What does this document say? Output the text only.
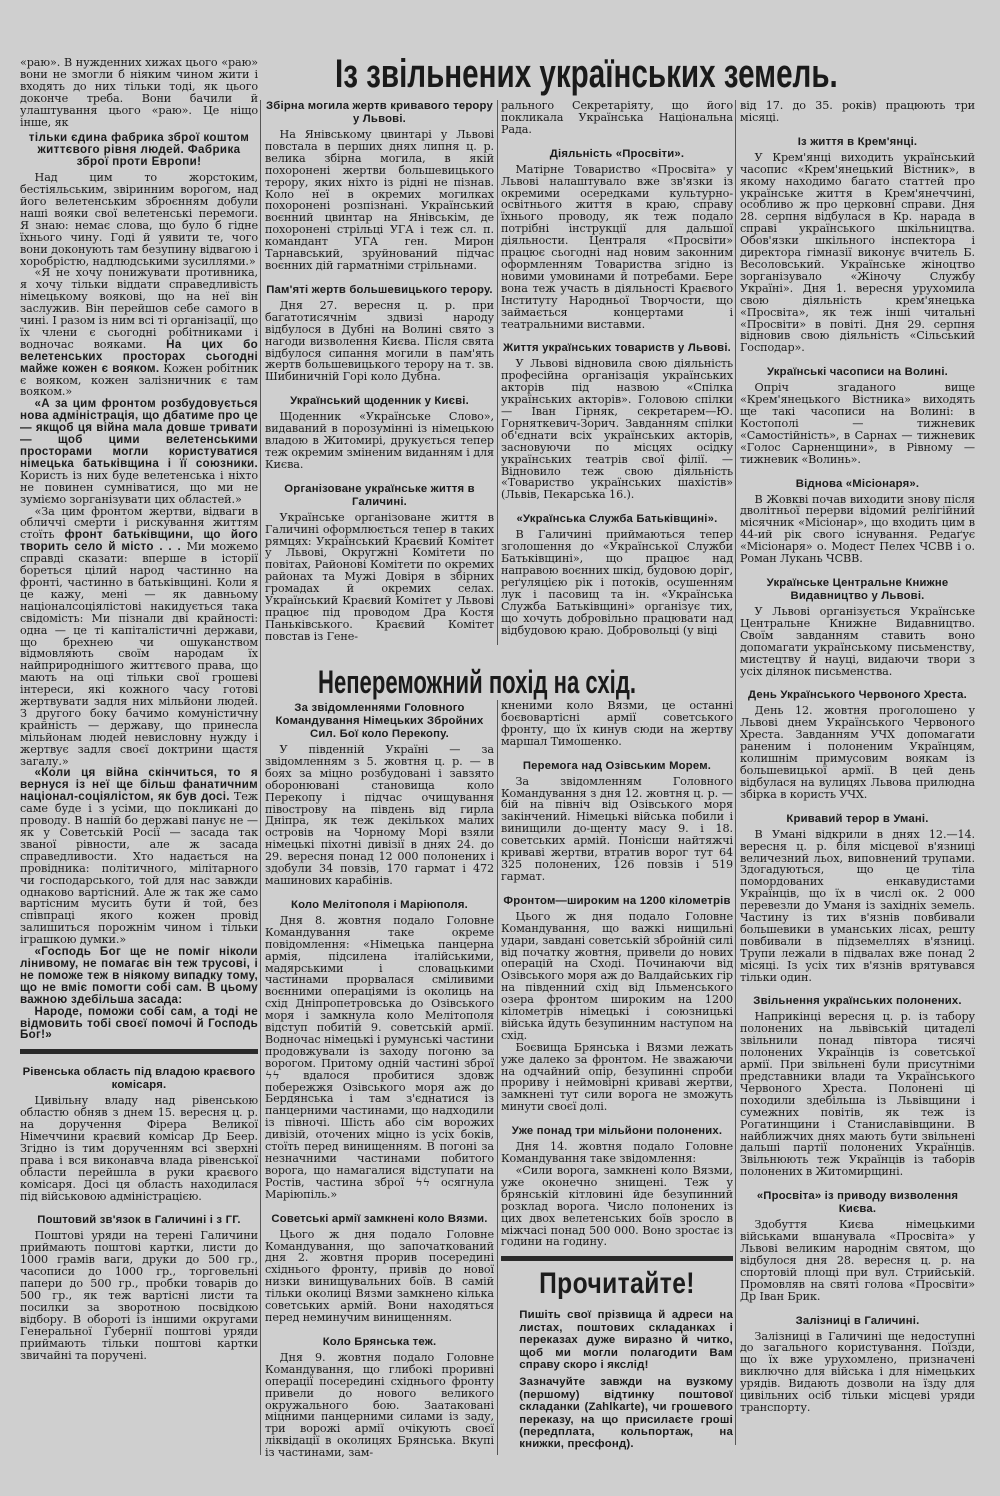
Із звільнених українських земель.
Непереможний похід на схід.

«раю». В нужденних хижах цього «раю» вони не змогли б ніяким чином жити і входять до них тільки тоді, як цього доконче треба. Вони бачили й улаштування цього «раю». Це ніщо інше, як

тільки єдина фабрика зброї коштом життєвого рівня людей. Фабрика зброї проти Европи!

Над цим то жорстоким, бестіяльським, звіринним ворогом, над його велетенським зброєнням добули наші вояки свої велетенські перемоги. Я знаю: немає слова, що було б гідне їхнього чину. Годі й уявити те, чого вони доконують там безупину відвагою і хоробрістю, надлюдськими зусиллями.»

«Я не хочу понижувати противника, я хочу тільки віддати справедливість німецькому воякові, що на неї він заслужив. Він перейшов себе самого в чині. І разом із ним всі ті організації, що їх члени є сьогодні робітниками і водночас вояками. На цих бо велетенських просторах сьогодні майже кожен є вояком. Кожен робітник є вояком, кожен залізничник є там вояком.»

«А за цим фронтом розбудовується нова адміністрація, що дбатиме про це — якщоб ця війна мала довше тривати — щоб цими велетенськими просторами могли користуватися німецька батьківщина і її союзники. Користь із них буде велетенська і ніхто не повинен сумніватися, що ми не зуміємо зорганізувати цих областей.»

«За цим фронтом жертви, відваги в обличчі смерти і рискування життям стоїть фронт батьківщини, що його творить село й місто . . . Ми можемо справді сказати: вперше в історії бореться цілий народ частинно на фронті, частинно в батьківщині. Коли я це кажу, мені — як давньому націоналсоціялістові накидується така свідомість: Ми пізнали дві крайності: одна — це ті капіталістичні держави, що брехнею чи ошуканством відмовляють своїм народам їх найприроднішого життєвого права, що мають на оці тільки свої грошеві інтереси, які кожного часу готові жертвувати задля них мільйони людей. З другого боку бачимо комуністичну крайність — державу, що принесла мільйонам людей невисловну нужду і жертвує задля своєї доктрини щастя загалу.»

«Коли ця війна скінчиться, то я вернуся із неї ще більш фанатичним націонал-соціялістом, як був досі. Теж саме буде і з усіми, що покликані до проводу. В нашій бо державі панує не — як у Советській Росії — засада так званої рівности, але ж засада справедливости. Хто надається на провідника: політичного, мілітарного чи господарського, той для нас завжди однаково вартісний. Але ж так же само вартісним мусить бути й той, без співпраці якого кожен провід залишиться порожнім чином і тільки іграшкою думки.»

«Господь Бог ще не поміг ніколи лінивому, не помагає він теж трусові, і не поможе теж в ніякому випадку тому, що не вміє помогти собі сам. В цьому важною здебільша засада:

Народе, поможи собі сам, а тоді не відмовить тобі своєї помочі й Господь Бог!»

Рівенська область під владою краєвого комісаря.

Цивільну владу над рівенською областю обняв з днем 15. вересня ц. р. на доручення Фірера Великої Німеччини краєвий комісар Др Беер. Згідно із тим дорученням всі зверхні права і вся виконавча влада рівенської области перейшла в руки краєвого комісаря. Досі ця область находилася під військовою адміністрацією.

Поштовий зв'язок в Галичині і з ГГ.

Поштові уряди на терені Галичини приймають поштові картки, листи до 1000 грамів ваги, друки до 500 гр., часописи до 1000 гр., торговельні папери до 500 гр., пробки товарів до 500 гр., як теж вартісні листи та посилки за зворотною посвідкою відбору. В обороті із іншими округами Генеральної Губернії поштові уряди приймають тільки поштові картки звичайні та поручені.

Збірна могила жертв кривавого терору у Львові.

На Янівському цвинтарі у Львові повстала в перших днях липня ц. р. велика збірна могила, в якій похоронені жертви большевицького терору, яких ніхто із рідні не пізнав. Коло неї в окремих могилках похоронені розпізнані. Український воєнний цвинтар на Янівськім, де похоронені стрільці УГА і теж сл. п. командант УГА ген. Мирон Тарнавський, зруйнований підчас воєнних дій гарматніми стрільнами.

Пам'яті жертв большевицького терору.

Дня 27. вересня ц. р. при багатотисячнім здвизі народу відбулося в Дубні на Волині свято з нагоди визволення Києва. Після свята відбулося сипання могили в пам'ять жертв большевицького терору на т. зв. Шибиничній Горі коло Дубна.

Український щоденник у Києві.

Щоденник «Українське Слово», видаваний в порозумінні із німецькою владою в Житомирі, друкується тепер теж окремим зміненим виданням і для Києва.

Організоване українське життя в Галичині.

Українське організоване життя в Галичині оформлюється тепер в таких рямцях: Український Краєвий Комітет у Львові, Округжні Комітети по повітах, Районові Комітети по окремих районах та Мужі Довіря в збірних громадах й окремих селах. Український Краєвий Комітет у Львові працює під проводом Дра Костя Паньківського. Краєвий Комітет повстав із Гене-

рального Секретаріяту, що його покликала Українська Національна Рада.

Діяльність «Просвіти».

Матірне Товариство «Просвіта» у Львові налаштувало вже зв'язки із окремими осередками культурно-освітнього життя в краю, справу їхнього проводу, як теж подало потрібні інструкції для дальшої діяльности. Централя «Просвіти» працює сьогодні над новим законним оформленням Товариства згідно із новими умовинами й потребами. Бере вона теж участь в діяльності Краєвого Інституту Народньої Творчости, що займається концертами і театральними виставми.

Життя українських товариств у Львові.

У Львові відновила свою діяльність професійна організація українських акторів під назвою «Спілка українських акторів». Головою спілки — Іван Гірняк, секретарем—Ю. Горняткевич-Зорич. Завданням спілки об'єднати всіх українських акторів, засновуючи по місцях осідку українських театрів свої філії. — Відновило теж свою діяльність «Товариство українських шахістів» (Львів, Пекарська 16.).

«Українська Служба Батьківщині».

В Галичині приймаються тепер зголошення до «Української Служби Батьківщині», що працює над направою воєнних шкід, будовою доріг, реґуляцією рік і потоків, осушенням лук і пасовищ та ін. «Українська Служба Батьківщині» організує тих, що хочуть добровільно працювати над відбудовою краю. Добровольці (у віці

від 17. до 35. років) працюють три місяці.

Із життя в Крем'янці.

У Крем'янці виходить український часопис «Крем'янецький Вістник», в якому находимо багато статтей про українське життя в Крем'янеччині, особливо ж про церковні справи. Дня 28. серпня відбулася в Кр. нарада в справі українського шкільництва. Обов'язки шкільного інспектора і директора гімназії виконує вчитель Б. Весоловський. Українське жіноцтво зорганізувало «Жіночу Службу Україні». Дня 1. вересня урухомила свою діяльність крем'янецька «Просвіта», як теж інші читальні «Просвіти» в повіті. Дня 29. серпня відновив свою діяльність «Сільський Господар».

Українські часописи на Волині.

Опріч згаданого вище «Крем'янецького Вістника» виходять ще такі часописи на Волині: в Костополі — тижневик «Самостійність», в Сарнах — тижневик «Голос Сарненщини», в Рівному — тижневик «Волинь».

Віднова «Місіонаря».

В Жовкві почав виходити знову після дволітньої перерви відомий релігійний місячник «Місіонар», що входить цим в 44-ий рік свого існування. Редаґує «Місіонаря» о. Модест Пелех ЧСВВ і о. Роман Лукань ЧСВВ.

Українське Центральне Книжне Видавництво у Львові.

У Львові організується Українське Центральне Книжне Видавництво. Своїм завданням ставить воно допомагати українському письменству, мистецтву й науці, видаючи твори з усіх ділянок письменства.

День Українського Червоного Хреста.

День 12. жовтня проголошено у Львові днем Українського Червоного Хреста. Завданням УЧХ допомагати раненим і полоненим Українцям, колишнім примусовим воякам із большевицької армії. В цей день відбулася на вулицях Львова прилюдна збірка в користь УЧХ.

Кривавий терор в Умані.

В Умані відкрили в днях 12.—14. вересня ц. р. біля місцевої в'язниці величезний льох, виповнений трупами. Здогадуються, що це тіла помордованих енкавудистами Українців, що їх в числі ок. 2 000 перевезли до Уманя із західніх земель. Частину із тих в'язнів повбивали большевики в уманських лісах, решту повбивали в підземеллях в'язниці. Трупи лежали в підвалах вже понад 2 місяці. Із усіх тих в'язнів врятувався тільки один.

Звільнення українських полонених.

Наприкінці вересня ц. р. із табору полонених на львівській цитаделі звільнили понад півтора тисячі полонених Українців із советської армії. При звільнені були присутніми представники влади та Українського Червоного Хреста. Полонені ці походили здебільша із Львівщини і сумежних повітів, як теж із Рогатинщини і Станиславівщини. В найближчих днях мають бути звільнені дальші партії полонених Українців. Звільнюють теж Українців із таборів полонених в Житомирщині.

«Просвіта» із приводу визволення Києва.

Здобуття Києва німецькими військами вшанувала «Просвіта» у Львові великим народнім святом, що відбулося дня 28. вересня ц. р. на спортовій площі при вул. Стрийській. Промовляв на святі голова «Просвіти» Др Іван Брик.

Залізниці в Галичині.

Залізниці в Галичині ще недоступні до загального користування. Поїзди, що їх вже урухомлено, призначені виключно для війська і для німецьких урядів. Видають дозволи на їзду для цивільних осіб тільки місцеві уряди транспорту.

За звідомленнями Головного Командування Німецьких Збройних Сил. Бої коло Перекопу.

У південній Україні — за звідомленням з 5. жовтня ц. р. — в боях за міцно розбудовані і завзято оборонювані становища коло Перекопу і підчас очищування півострову на південь від гирла Дніпра, як теж декількох малих островів на Чорному Морі взяли німецькі піхотні дивізії в днях 24. до 29. вересня понад 12 000 полонених і здобули 34 повзів, 170 гармат і 472 машинових карабінів.

Коло Мелітополя і Маріюполя.

Дня 8. жовтня подало Головне Командування таке окреме повідомлення: «Німецька панцерна армія, підсилена італійськими, мадярськими і словацькими частинами прорвалася сміливими воєнними операціями із околиць на схід Дніпропетровська до Озівського моря і замкнула коло Мелітополя відступ побитій 9. советській армії. Водночас німецькі і румунські частини продовжували із заходу погоню за ворогом. Притому одній частині зброї ϟϟ вдалося пробитися здовж побережжя Озівського моря аж до Бердянська і там з'єднатися із панцерними частинами, що надходили із півночі. Шість або сім ворожих дивізій, оточених міцно із усіх боків, стоїть перед винищенням. В погоні за незначними частинами побитого ворога, що намагалися відступати на Ростів, частина зброї ϟϟ осягнула Маріюпіль.»

Советські армії замкнені коло Вязми.

Цього ж дня подало Головне Командування, що започаткований дня 2. жовтня прорив посередині східнього фронту, привів до нової низки винищувальних боїв. В самій тільки околиці Вязми замкнено кілька советських армій. Вони находяться перед неминучим винищенням.

Коло Брянська теж.

Дня 9. жовтня подало Головне Командування, що глибокі проривні операції посередині східнього фронту привели до нового великого окружального бою. Заатаковані міцними панцерними силами із заду, три ворожі армії очікують своєї ліквідації в околицях Брянська. Вкупі із частинами, зам-

кненими коло Вязми, це останні боєвовартісні армії советського фронту, що їх кинув сюди на жертву маршал Тимошенко.

Перемога над Озівським Морем.

За звідомленням Головного Командування з дня 12. жовтня ц. р. — бій на північ від Озівського моря закінчений. Німецькі війська побили і винищили до-щенту масу 9. і 18. советських армій. Понісши найтяжчі криваві жертви, втратив ворог тут 64 325 полонених, 126 повзів і 519 гармат.

Фронтом—широким на 1200 кілометрів

Цього ж дня подало Головне Командування, що важкі нищильні удари, завдані советській збройній силі від початку жовтня, привели до нових операцій на Сході. Починаючи від Озівського моря аж до Валдайських гір на південний схід від Ільменського озера фронтом широким на 1200 кілометрів німецькі і союзницькі війська йдуть безупинним наступом на схід.

Боєвища Брянська і Вязми лежать уже далеко за фронтом. Не зважаючи на одчайний опір, безупинні спроби прориву і неймовірні криваві жертви, замкнені тут сили ворога не зможуть минути своєї долі.

Уже понад три мільйони полонених.

Дня 14. жовтня подало Головне Командування таке звідомлення:

«Сили ворога, замкнені коло Вязми, уже оконечно знищені. Теж у брянській кітловині йде безупинний розклад ворога. Число полонених із цих двох велетенських боїв зросло в міжчасі понад 500 000. Воно зростає із години на годину.

Прочитайте!

Пишіть свої прізвища й адреси на листах, поштових складанках і переказах дуже виразно й читко, щоб ми могли полагодити Вам справу скоро і якслід!

Зазначуйте завжди на вузкому (першому) відтинку поштової складанки (Zahlkarte), чи грошевого переказу, на що присилаєте гроші (передплата, кольпортаж, на книжки, пресфонд).
